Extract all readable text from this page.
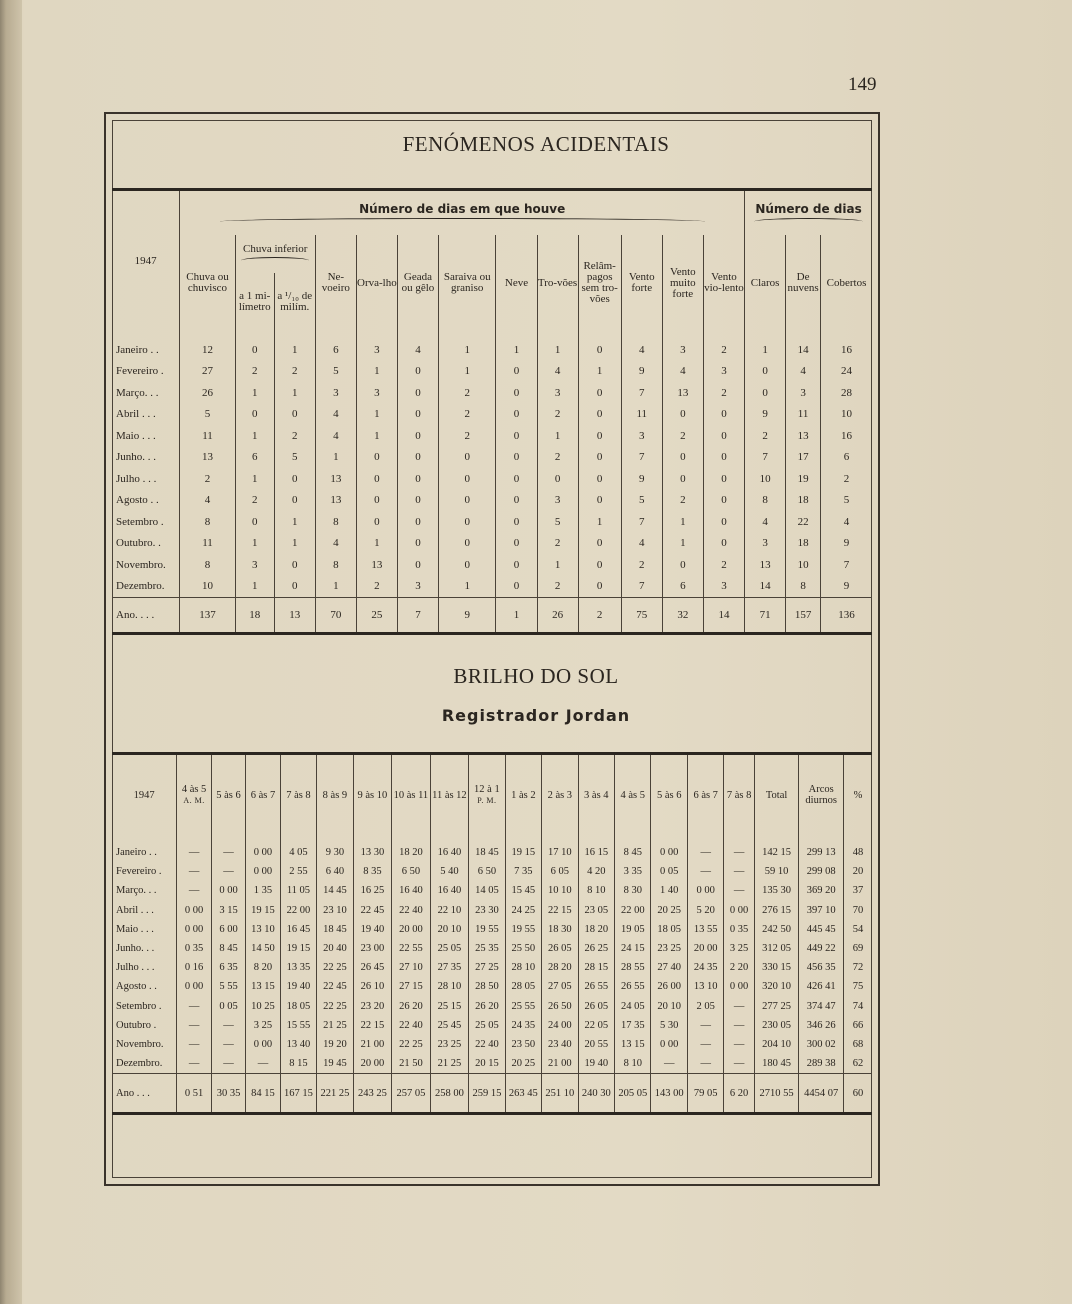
149
FENÓMENOS ACIDENTAIS
1947	Número de dias em que houve													Número de dias		

	Chuva ou chuvisco	Chuva inferior		Ne-voeiro	Orva-lho	Geada ou gêlo	Saraiva ou graniso	Neve	Tro-vões	Relâm-pagos sem tro-vões	Vento forte	Vento muito forte	Vento vio-lento	Claros	De nuvens	Cobertos
		a 1 mi-límetro	a ¹/₁₀ de milím.													

Janeiro . .	12	0	1	6	3	4	1	1	1	0	4	3	2	1	14	16
Fevereiro .	27	2	2	5	1	0	1	0	4	1	9	4	3	0	4	24
Março. . .	26	1	1	3	3	0	2	0	3	0	7	13	2	0	3	28
Abril . . .	5	0	0	4	1	0	2	0	2	0	11	0	0	9	11	10
Maio . . .	11	1	2	4	1	0	2	0	1	0	3	2	0	2	13	16
Junho. . .	13	6	5	1	0	0	0	0	2	0	7	0	0	7	17	6
Julho . . .	2	1	0	13	0	0	0	0	0	0	9	0	0	10	19	2
Agosto . .	4	2	0	13	0	0	0	0	3	0	5	2	0	8	18	5
Setembro .	8	0	1	8	0	0	0	0	5	1	7	1	0	4	22	4
Outubro. .	11	1	1	4	1	0	0	0	2	0	4	1	0	3	18	9
Novembro.	8	3	0	8	13	0	0	0	1	0	2	0	2	13	10	7
Dezembro.	10	1	0	1	2	3	1	0	2	0	7	6	3	14	8	9
Ano. . . .	137	18	13	70	25	7	9	1	26	2	75	32	14	71	157	136
BRILHO DO SOL
Registrador Jordan
1947	4 às 5
A. M.	5 às 6	6 às 7	7 às 8	8 às 9	9 às 10	10 às 11	11 às 12	12 à 1
P. M.	1 às 2	2 às 3	3 às 4	4 às 5	5 às 6	6 às 7	7 às 8	Total	Arcos diurnos	%

Janeiro . .	—	—	0 00	4 05	9 30	13 30	18 20	16 40	18 45	19 15	17 10	16 15	8 45	0 00	—	—	142 15	299 13	48
Fevereiro .	—	—	0 00	2 55	6 40	8 35	6 50	5 40	6 50	7 35	6 05	4 20	3 35	0 05	—	—	59 10	299 08	20
Março. . .	—	0 00	1 35	11 05	14 45	16 25	16 40	16 40	14 05	15 45	10 10	8 10	8 30	1 40	0 00	—	135 30	369 20	37
Abril . . .	0 00	3 15	19 15	22 00	23 10	22 45	22 40	22 10	23 30	24 25	22 15	23 05	22 00	20 25	5 20	0 00	276 15	397 10	70
Maio . . .	0 00	6 00	13 10	16 45	18 45	19 40	20 00	20 10	19 55	19 55	18 30	18 20	19 05	18 05	13 55	0 35	242 50	445 45	54
Junho. . .	0 35	8 45	14 50	19 15	20 40	23 00	22 55	25 05	25 35	25 50	26 05	26 25	24 15	23 25	20 00	3 25	312 05	449 22	69
Julho . . .	0 16	6 35	8 20	13 35	22 25	26 45	27 10	27 35	27 25	28 10	28 20	28 15	28 55	27 40	24 35	2 20	330 15	456 35	72
Agosto . .	0 00	5 55	13 15	19 40	22 45	26 10	27 15	28 10	28 50	28 05	27 05	26 55	26 55	26 00	13 10	0 00	320 10	426 41	75
Setembro .	—	0 05	10 25	18 05	22 25	23 20	26 20	25 15	26 20	25 55	26 50	26 05	24 05	20 10	2 05	—	277 25	374 47	74
Outubro .	—	—	3 25	15 55	21 25	22 15	22 40	25 45	25 05	24 35	24 00	22 05	17 35	5 30	—	—	230 05	346 26	66
Novembro.	—	—	0 00	13 40	19 20	21 00	22 25	23 25	22 40	23 50	23 40	20 55	13 15	0 00	—	—	204 10	300 02	68
Dezembro.	—	—	—	8 15	19 45	20 00	21 50	21 25	20 15	20 25	21 00	19 40	8 10	—	—	—	180 45	289 38	62
Ano . . .	0 51	30 35	84 15	167 15	221 25	243 25	257 05	258 00	259 15	263 45	251 10	240 30	205 05	143 00	79 05	6 20	2710 55	4454 07	60
